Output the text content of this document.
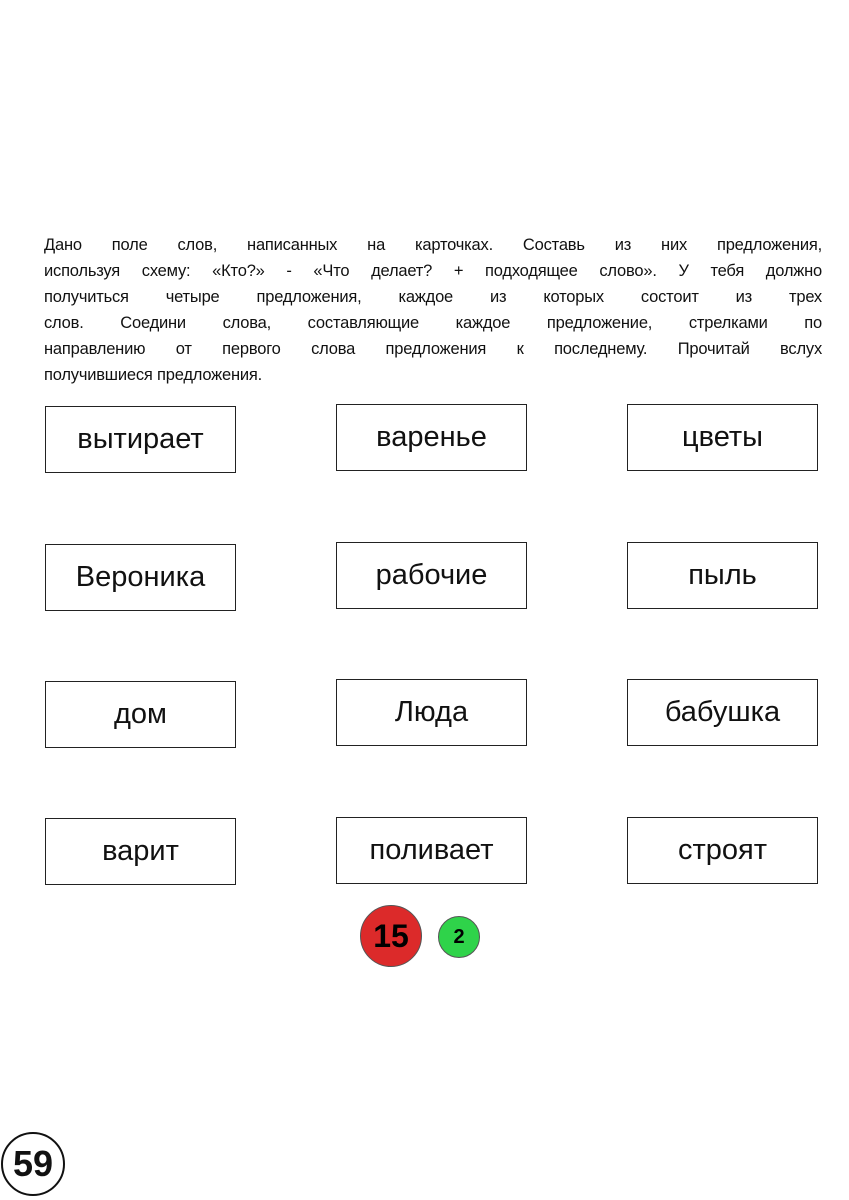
Дано поле слов, написанных на карточках. Составь из них предложения,
используя схему: «Кто?» - «Что делает? + подходящее слово». У тебя должно
получиться четыре предложения, каждое из которых состоит из трех
слов. Соедини слова, составляющие каждое предложение, стрелками по
направлению от первого слова предложения к последнему. Прочитай вслух
получившиеся предложения.
вытирает	варенье	цветы
Вероника	рабочие	пыль
дом	Люда	бабушка
варит	поливает	строят
15	2
59
